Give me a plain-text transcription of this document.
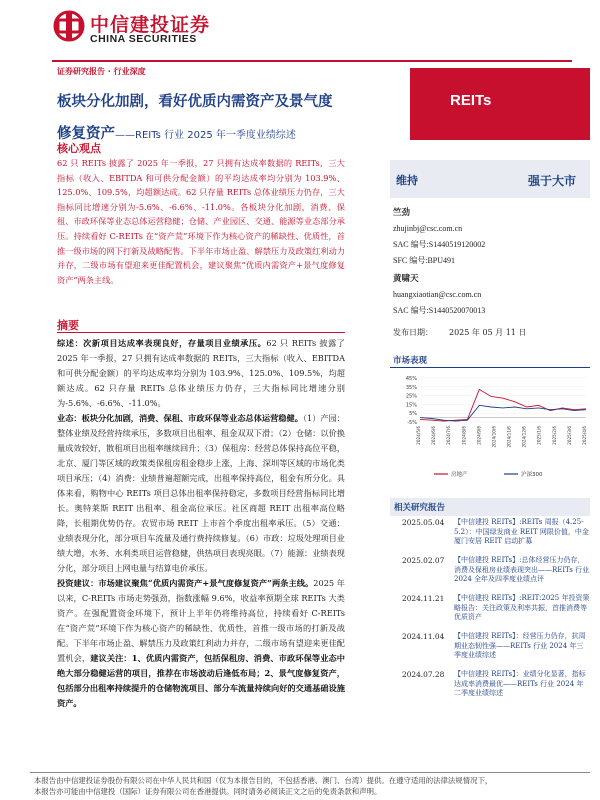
中信建投证券
CHINA SECURITIES
证券研究报告 · 行业深度
板块分化加剧，看好优质内需资产及景气度
修复资产——REITs 行业 2025 年一季度业绩综述
REITs
核心观点
62 只 REITs 披露了 2025 年一季报，27 只拥有达成率数据的 REITs，三大指标（收入、EBITDA 和可供分配金额）的平均达成率均分别为 103.9%、125.0%、109.5%，均超额达成。62 只存量 REITs 总体业绩压力仍存，三大指标同比增速分别为-5.6%、-6.6%、-11.0%。各板块分化加剧，消费、保租、市政环保等业态总体运营稳健；仓储、产业园区、交通、能源等业态部分承压。持续看好 C-REITs 在“资产荒”环境下作为核心资产的稀缺性、优质性，首推一级市场的网下打新及战略配售。下半年市场止盈、解禁压力及政策红利动力并存，二级市场有望迎来更佳配置机会，建议聚焦“优质内需资产+景气度修复资产”两条主线。
摘要

综述：次新项目达成率表现良好，存量项目业绩承压。62 只 REITs 披露了 2025 年一季报，27 只拥有达成率数据的 REITs，三大指标（收入、EBITDA 和可供分配金额）的平均达成率均分别为 103.9%、125.0%、109.5%，均超额达成。62 只存量 REITs 总体业绩压力仍存，三大指标同比增速分别为-5.6%、-6.6%、-11.0%。

业态：板块分化加剧，消费、保租、市政环保等业态总体运营稳健。（1）产园：整体业绩及经营持续承压，多数项目出租率、租金双双下滑；（2）仓储：以价换量成效较好，散租项目出租率继续回升；（3）保租房：经营总体保持高位平稳，北京、厦门等区域的政策类保租房租金稳步上涨，上海、深圳等区域的市场化类项目承压；（4）消费：业绩普遍超额完成，出租率保持高位，租金有所分化。具体来看，购物中心 REITs 项目总体出租率保持稳定，多数项目经营指标同比增长。奥特莱斯 REIT 出租率、租金高位承压。社区商超 REIT 出租率高位略降，长租期优势仍存。农贸市场 REIT 上市首个季度出租率承压。（5）交通：业绩表现分化，部分项目车流量及通行费持续修复。（6）市政：垃圾处理项目业绩大增，水务、水利类项目运营稳健，供热项目表现亮眼。（7）能源：业绩表现分化，部分项目上网电量与结算电价承压。

投资建议：市场建议聚焦“优质内需资产+景气度修复资产”两条主线。2025 年以来，C-REITs 市场走势强劲，指数涨幅 9.6%，收益率预期全球 REITs 大类资产。在强配置资金环境下，预计上半年仍将维持高位，持续看好 C-REITs 在“资产荒”环境下作为核心资产的稀缺性、优质性，首推一级市场的打新及战配。下半年市场止盈、解禁压力及政策红利动力并存，二级市场有望迎来更佳配置机会，建议关注：1、优质内需资产，包括保租房、消费、市政环保等业态中绝大部分稳健运营的项目，推荐在市场波动后逢低布局；2、景气度修复资产，包括部分出租率持续提升的仓储物流项目、部分车流量持续向好的交通基础设施资产。

维持	强于大市
竺劲
zhujinbj@csc.com.cn
SAC 编号:S1440519120002
SFC 编号:BPU491
黄啸天
huangxiaotian@csc.com.cn
SAC 编号:S1440520070013
发布日期： 2025 年 05 月 11 日
市场表现
45%
35%
25%
15%
5%
-5%
2024/5/6 2024/6/6 2024/7/6 2024/8/6 2024/9/6 2024/10/6 2024/11/6 2024/12/6 2025/1/6 2025/2/6 2025/3/6 2025/4/6
房地产	沪深300
相关研究报告
2025.05.04	【中信建投 REITs】:REITs 周报（4.25-5.2）：中国绿发商业 REIT 网限价值，中金厦门安居 REIT 启动扩募
2025.02.07	【中信建投 REITs】:总体经营压力仍存，消费及保租房业绩表现突出——REITs 行业 2024 全年及四季度业绩点评
2024.11.21	【中信建投 REITs】:REIT:2025 年投资策略报告：关注政策及利率共振，首推消费等优质资产
2024.11.04	【中信建投 REITs】：经营压力仍存，抗周期业态韧性强——REITs 行业 2024 年三季度业绩综述
2024.07.28	【中信建投 REITs】：业绩分化显著，指标达成率消费最优——REITs 行业 2024 年二季度业绩综述
本报告由中信建投证券股份有限公司在中华人民共和国（仅为本报告目的，不包括香港、澳门、台湾）提供。在遵守适用的法律法规情况下，
本报告亦可能由中信建投（国际）证券有限公司在香港提供。同时请务必阅读正文之后的免责条款和声明。
